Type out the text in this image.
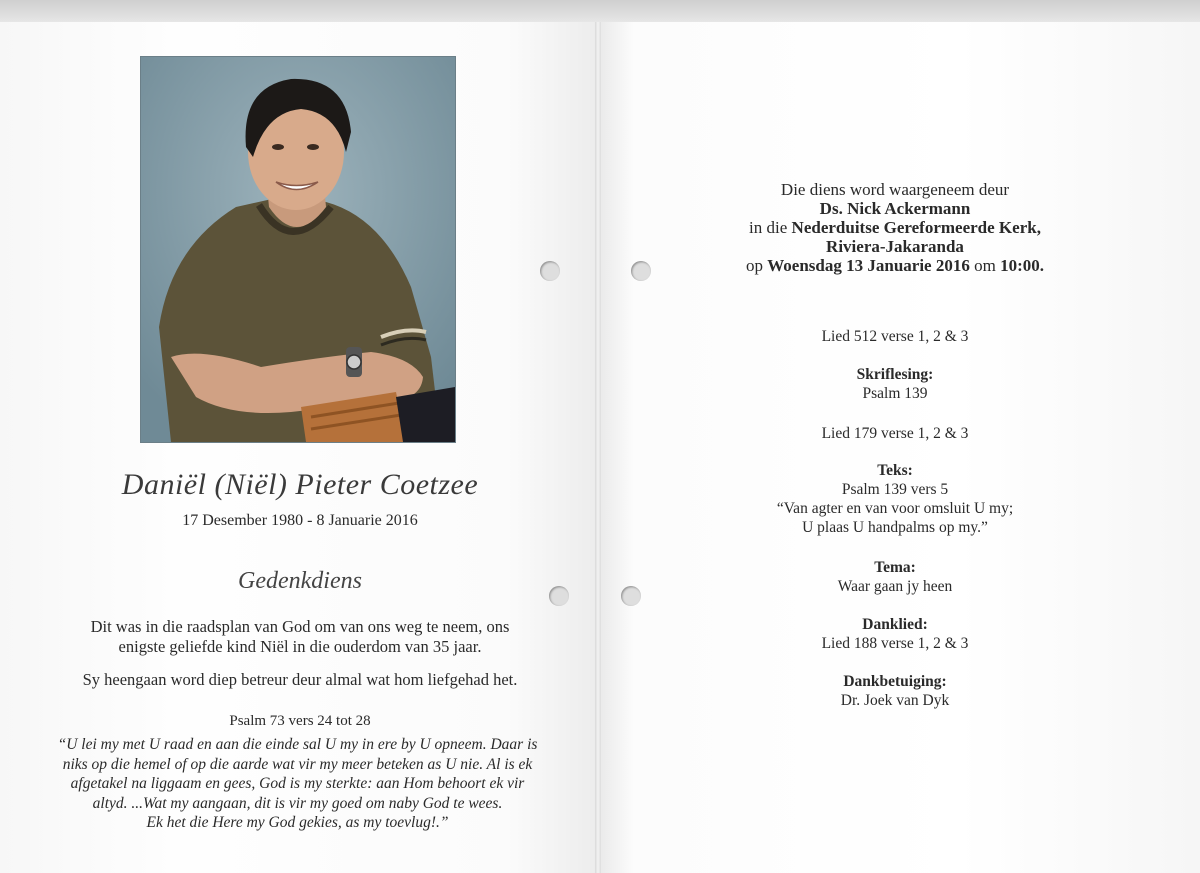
Daniël (Niël) Pieter Coetzee
17 Desember 1980 - 8 Januarie 2016
Gedenkdiens
Dit was in die raadsplan van God om van ons weg te neem, ons
enigste geliefde kind Niël in die ouderdom van 35 jaar.
Sy heengaan word diep betreur deur almal wat hom liefgehad het.
Psalm 73 vers 24 tot 28
“U lei my met U raad en aan die einde sal U my in ere by U opneem. Daar is
niks op die hemel of op die aarde wat vir my meer beteken as U nie. Al is ek
afgetakel na liggaam en gees, God is my sterkte: aan Hom behoort ek vir
altyd. ...Wat my aangaan, dit is vir my goed om naby God te wees.
Ek het die Here my God gekies, as my toevlug!.”
Die diens word waargeneem deur
Ds. Nick Ackermann
in die Nederduitse Gereformeerde Kerk,
Riviera-Jakaranda
op Woensdag 13 Januarie 2016 om 10:00.
Lied 512 verse 1, 2 & 3
Skriflesing:
Psalm 139
Lied 179 verse 1, 2 & 3
Teks:
Psalm 139 vers 5
“Van agter en van voor omsluit U my;
U plaas U handpalms op my.”
Tema:
Waar gaan jy heen
Danklied:
Lied 188 verse 1, 2 & 3
Dankbetuiging:
Dr. Joek van Dyk
